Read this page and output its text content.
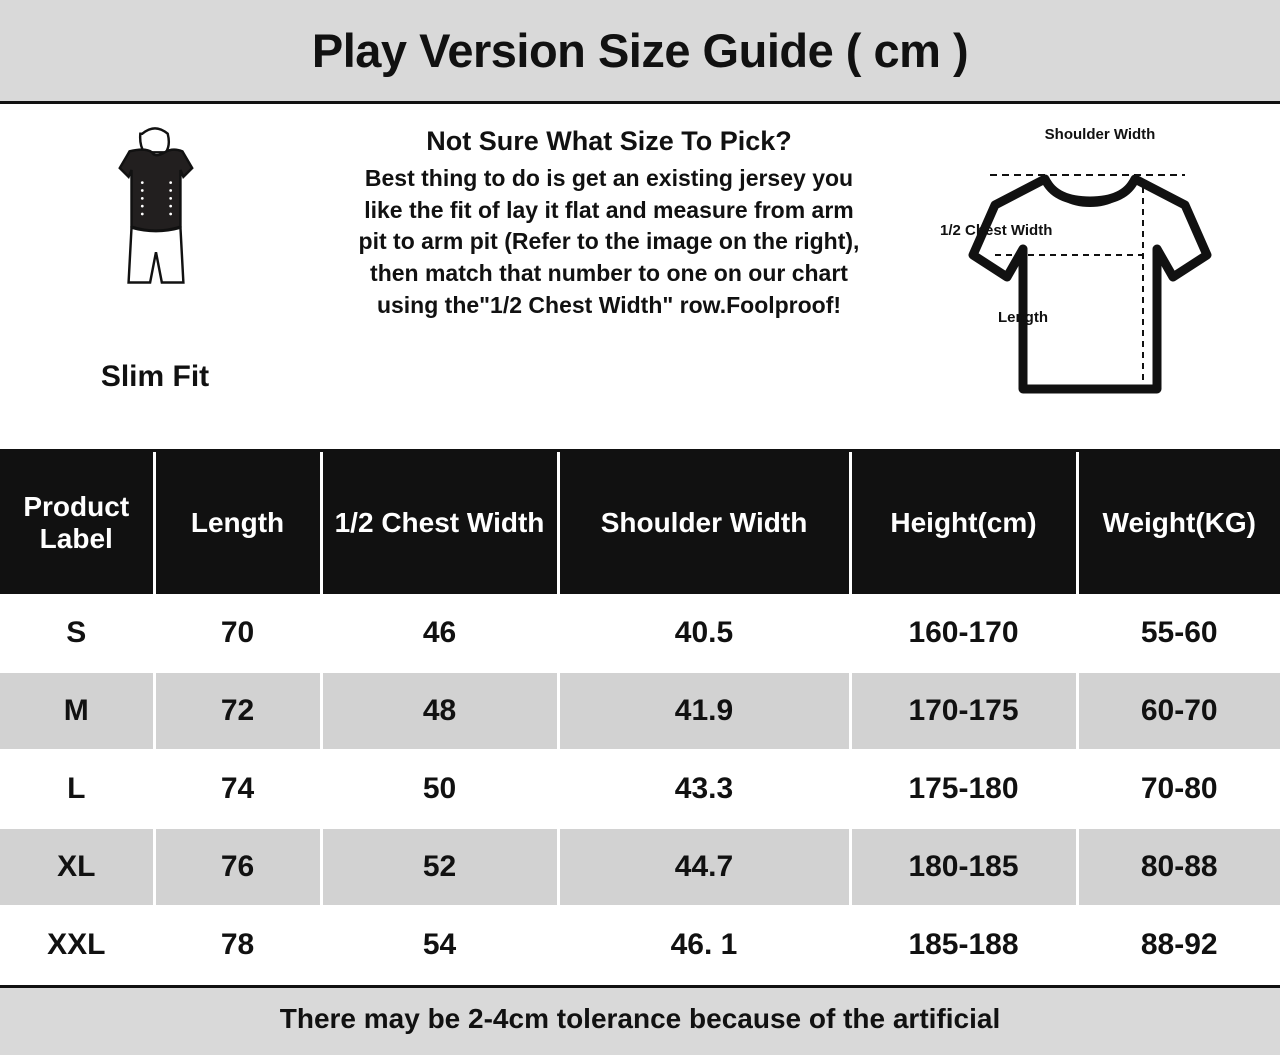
Play Version Size Guide ( cm )
Slim Fit
Not Sure What Size To Pick?
Best thing to do is get an existing jersey you like the fit of lay it flat and measure from arm pit to arm pit (Refer to the image on the right), then match that number to one on our chart using the"1/2 Chest Width" row.Foolproof!
Shoulder Width
1/2 Chest Width
Length
Product Label	Length	1/2 Chest Width	Shoulder Width	Height(cm)	Weight(KG)
S	70	46	40.5	160-170	55-60
M	72	48	41.9	170-175	60-70
L	74	50	43.3	175-180	70-80
XL	76	52	44.7	180-185	80-88
XXL	78	54	46. 1	185-188	88-92
There may be 2-4cm tolerance because of the artificial
